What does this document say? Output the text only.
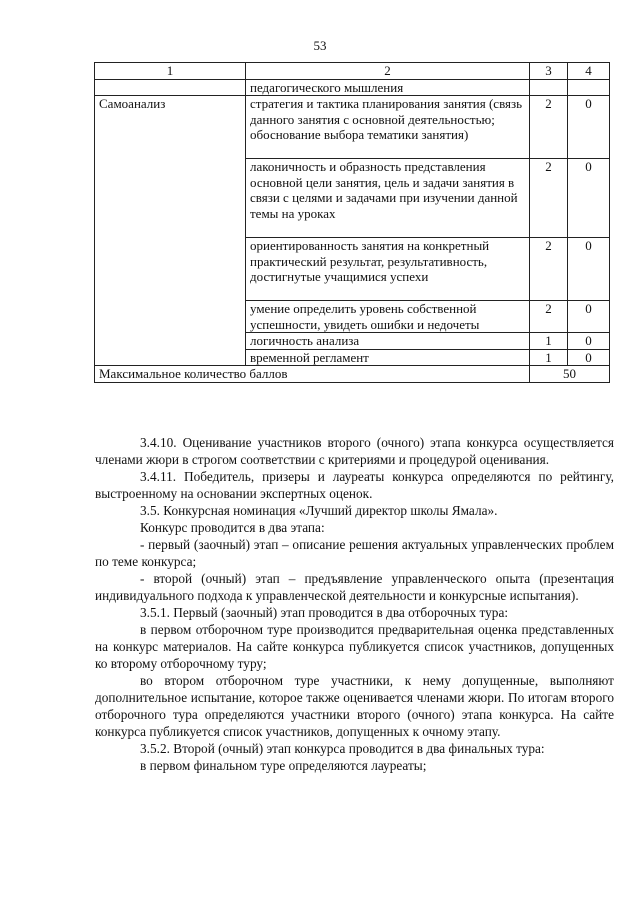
53
1	2	3	4
	педагогического мышления		
Самоанализ	стратегия и тактика планирования занятия (связь данного занятия с основной деятельностью; обоснование выбора тематики занятия)	2	0
	лаконичность и образность представления основной цели занятия, цель и задачи занятия в связи с целями и задачами при изучении данной темы на уроках	2	0
	ориентированность занятия на конкретный практический результат, результативность, достигнутые учащимися успехи	2	0
	умение определить уровень собственной успешности, увидеть ошибки и недочеты	2	0
	логичность анализа	1	0
	временной регламент	1	0
Максимальное количество баллов		50	

3.4.10. Оценивание участников второго (очного) этапа конкурса осуществляется членами жюри в строгом соответствии с критериями и процедурой оценивания.

3.4.11. Победитель, призеры и лауреаты конкурса определяются по рейтингу, выстроенному на основании экспертных оценок.

3.5. Конкурсная номинация «Лучший директор школы Ямала».

Конкурс проводится в два этапа:

- первый (заочный) этап – описание решения актуальных управленческих проблем по теме конкурса;

- второй (очный) этап – предъявление управленческого опыта (презентация индивидуального подхода к управленческой деятельности и конкурсные испытания).

3.5.1. Первый (заочный) этап проводится в два отборочных тура:

в первом отборочном туре производится предварительная оценка представленных на конкурс материалов. На сайте конкурса публикуется список участников, допущенных ко второму отборочному туру;

во втором отборочном туре участники, к нему допущенные, выполняют дополнительное испытание, которое также оценивается членами жюри. По итогам второго отборочного тура определяются участники второго (очного) этапа конкурса. На сайте конкурса публикуется список участников, допущенных к очному этапу.

3.5.2. Второй (очный) этап конкурса проводится в два финальных тура:

в первом финальном туре определяются лауреаты;
